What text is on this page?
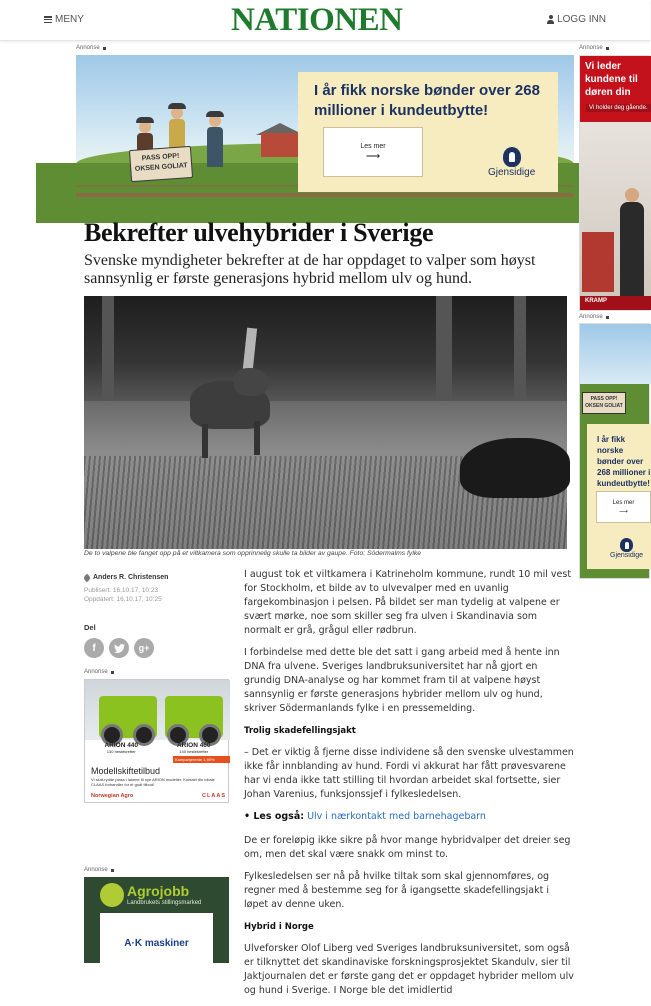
MENY	NATIONEN	LOGG INN
Annonse	Annonse
Annonse
Annonse
Annonse
PASS OPP! OKSEN GOLIAT
I år fikk norske bønder over 268 millioner i kundeutbytte!
Les mer
⟶
Gjensidige
Vi leder kundene til døren din
Vi holder deg gående.
KRAMP
PASS OPP! OKSEN GOLIAT
I år fikk norske bønder over 268 millioner i kundeutbytte!
Les mer
⟶
Gjensidige
Bekrefter ulvehybrider i Sverige

Svenske myndigheter bekrefter at de har oppdaget to valper som høyst sannsynlig er første generasjons hybrid mellom ulv og hund.

De to valpene ble fanget opp på et viltkamera som opprinnelig skulle ta bilder av gaupe. Foto: Södermalms fylke
Anders R. Christensen
Publisert: 16.10.17, 10:23
Oppdatert: 16.10.17, 10:25
Del
f	g+
ARION 440
130 hestekrefter
ARION 460
140 hestekrefter
Kampanjerente 1,90%
Modellskiftetilbud
Vi slutt-rydde plass i lakene til nye ARION modeller. Kontakt din lokale CLAAS forhandler for et godt tilbud!
Norwegian Agro	CLAAS
Agrojobb
Landbrukets stillingsmarked
A·K maskiner

I august tok et viltkamera i Katrineholm kommune, rundt 10 mil vest for Stockholm, et bilde av to ulvevalper med en uvanlig fargekombinasjon i pelsen. På bildet ser man tydelig at valpene er svært mørke, noe som skiller seg fra ulven i Skandinavia som normalt er grå, grågul eller rødbrun.

I forbindelse med dette ble det satt i gang arbeid med å hente inn DNA fra ulvene. Sveriges landbruksuniversitet har nå gjort en grundig DNA-analyse og har kommet fram til at valpene høyst sannsynlig er første generasjons hybrider mellom ulv og hund, skriver Södermanlands fylke i en pressemelding.

Trolig skadefellingsjakt

– Det er viktig å fjerne disse individene så den svenske ulvestammen ikke får innblanding av hund. Fordi vi akkurat har fått prøvesvarene har vi enda ikke tatt stilling til hvordan arbeidet skal fortsette, sier Johan Varenius, funksjonssjef i fylkesledelsen.

• Les også: Ulv i nærkontakt med barnehagebarn

De er foreløpig ikke sikre på hvor mange hybridvalper det dreier seg om, men det skal være snakk om minst to.

Fylkesledelsen ser nå på hvilke tiltak som skal gjennomføres, og regner med å bestemme seg for å igangsette skadefellingsjakt i løpet av denne uken.

Hybrid i Norge

Ulveforsker Olof Liberg ved Sveriges landbruksuniversitet, som også er tilknyttet det skandinaviske forskningsprosjektet Skandulv, sier til Jaktjournalen det er første gang det er oppdaget hybrider mellom ulv og hund i Sverige. I Norge ble det imidlertid
